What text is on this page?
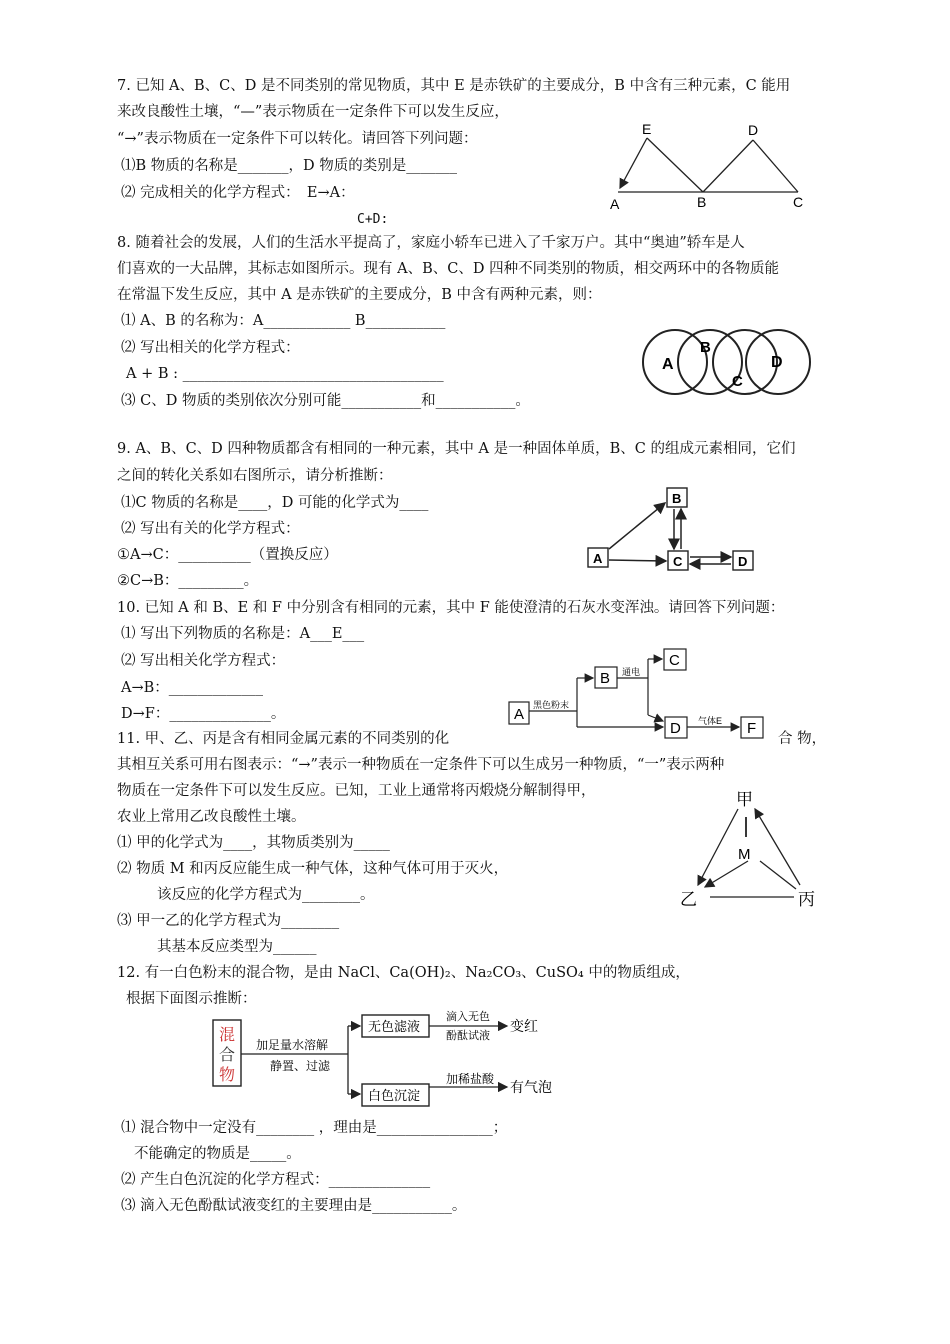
7. 已知 A、B、C、D 是不同类别的常见物质，其中 E 是赤铁矿的主要成分，B 中含有三种元素，C 能用
来改良酸性土壤，“—”表示物质在一定条件下可以发生反应，
“→”表示物质在一定条件下可以转化。请回答下列问题：
⑴B 物质的名称是_______，D 物质的类别是_______
⑵ 完成相关的化学方程式：　E→A：
C+D:
E	D
A	B	C
8. 随着社会的发展，人们的生活水平提高了，家庭小轿车已进入了千家万户。其中“奥迪”轿车是人
们喜欢的一大品牌，其标志如图所示。现有 A、B、C、D 四种不同类别的物质，相交两环中的各物质能
在常温下发生反应，其中 A 是赤铁矿的主要成分，B 中含有两种元素，则：
⑴ A、B 的名称为：A____________ B___________
⑵ 写出相关的化学方程式：
A + B : ____________________________________
⑶ C、D 物质的类别依次分别可能___________和___________。
A
B
C
D
9. A、B、C、D 四种物质都含有相同的一种元素，其中 A 是一种固体单质，B、C 的组成元素相同，它们
之间的转化关系如右图所示，请分析推断：
⑴C 物质的名称是____，D 可能的化学式为____
⑵ 写出有关的化学方程式：
①A→C：__________（置换反应）
②C→B：_________。
B
A	C	D
10. 已知 A 和 B、E 和 F 中分别含有相同的元素，其中 F 能使澄清的石灰水变浑浊。请回答下列问题：
⑴ 写出下列物质的名称是：A___E___
⑵ 写出相关化学方程式：
A→B：_____________
D→F：______________。	A
B
C
D	F
黑色粉末
通电
气体E
11. 甲、乙、丙是含有相同金属元素的不同类别的化	合 物，
其相互关系可用右图表示：“→”表示一种物质在一定条件下可以生成另一种物质，“一”表示两种
物质在一定条件下可以发生反应。已知，工业上通常将丙煅烧分解制得甲，
农业上常用乙改良酸性土壤。
⑴ 甲的化学式为____，其物质类别为_____
⑵ 物质 M 和丙反应能生成一种气体，这种气体可用于灭火，
该反应的化学方程式为________。
⑶ 甲一乙的化学方程式为________
其基本反应类型为______
甲
M
乙	丙
12. 有一白色粉末的混合物，是由 NaCl、Ca(OH)₂、Na₂CO₃、CuSO₄ 中的物质组成，
根据下面图示推断：
混
合
物
加足量水溶解
静置、过滤
无色滤液
白色沉淀
滴入无色
酚酞试液
加稀盐酸
变红
有气泡
⑴ 混合物中一定没有________ ，理由是________________；
不能确定的物质是_____。
⑵ 产生白色沉淀的化学方程式：______________
⑶ 滴入无色酚酞试液变红的主要理由是___________。
